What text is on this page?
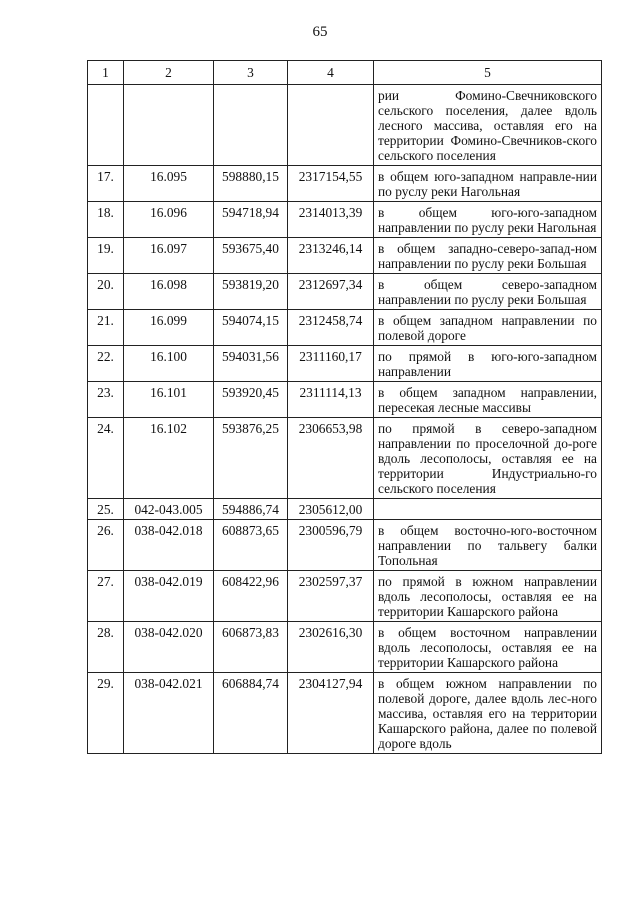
65
1	2	3	4	5
				рии Фомино-Свечниковского сельского поселения, далее вдоль лесного массива, оставляя его на территории Фомино-Свечников-ского сельского поселения
17.	16.095	598880,15	2317154,55	в общем юго-западном направле-нии по руслу реки Нагольная
18.	16.096	594718,94	2314013,39	в общем юго-юго-западном направлении по руслу реки Нагольная
19.	16.097	593675,40	2313246,14	в общем западно-северо-запад-ном направлении по руслу реки Большая
20.	16.098	593819,20	2312697,34	в общем северо-западном направлении по руслу реки Большая
21.	16.099	594074,15	2312458,74	в общем западном направлении по полевой дороге
22.	16.100	594031,56	2311160,17	по прямой в юго-юго-западном направлении
23.	16.101	593920,45	2311114,13	в общем западном направлении, пересекая лесные массивы
24.	16.102	593876,25	2306653,98	по прямой в северо-западном направлении по проселочной до-роге вдоль лесополосы, оставляя ее на территории Индустриально-го сельского поселения
25.	042-043.005	594886,74	2305612,00	
26.	038-042.018	608873,65	2300596,79	в общем восточно-юго-восточном направлении по тальвегу балки Топольная
27.	038-042.019	608422,96	2302597,37	по прямой в южном направлении вдоль лесополосы, оставляя ее на территории Кашарского района
28.	038-042.020	606873,83	2302616,30	в общем восточном направлении вдоль лесополосы, оставляя ее на территории Кашарского района
29.	038-042.021	606884,74	2304127,94	в общем южном направлении по полевой дороге, далее вдоль лес-ного массива, оставляя его на территории Кашарского района, далее по полевой дороге вдоль
